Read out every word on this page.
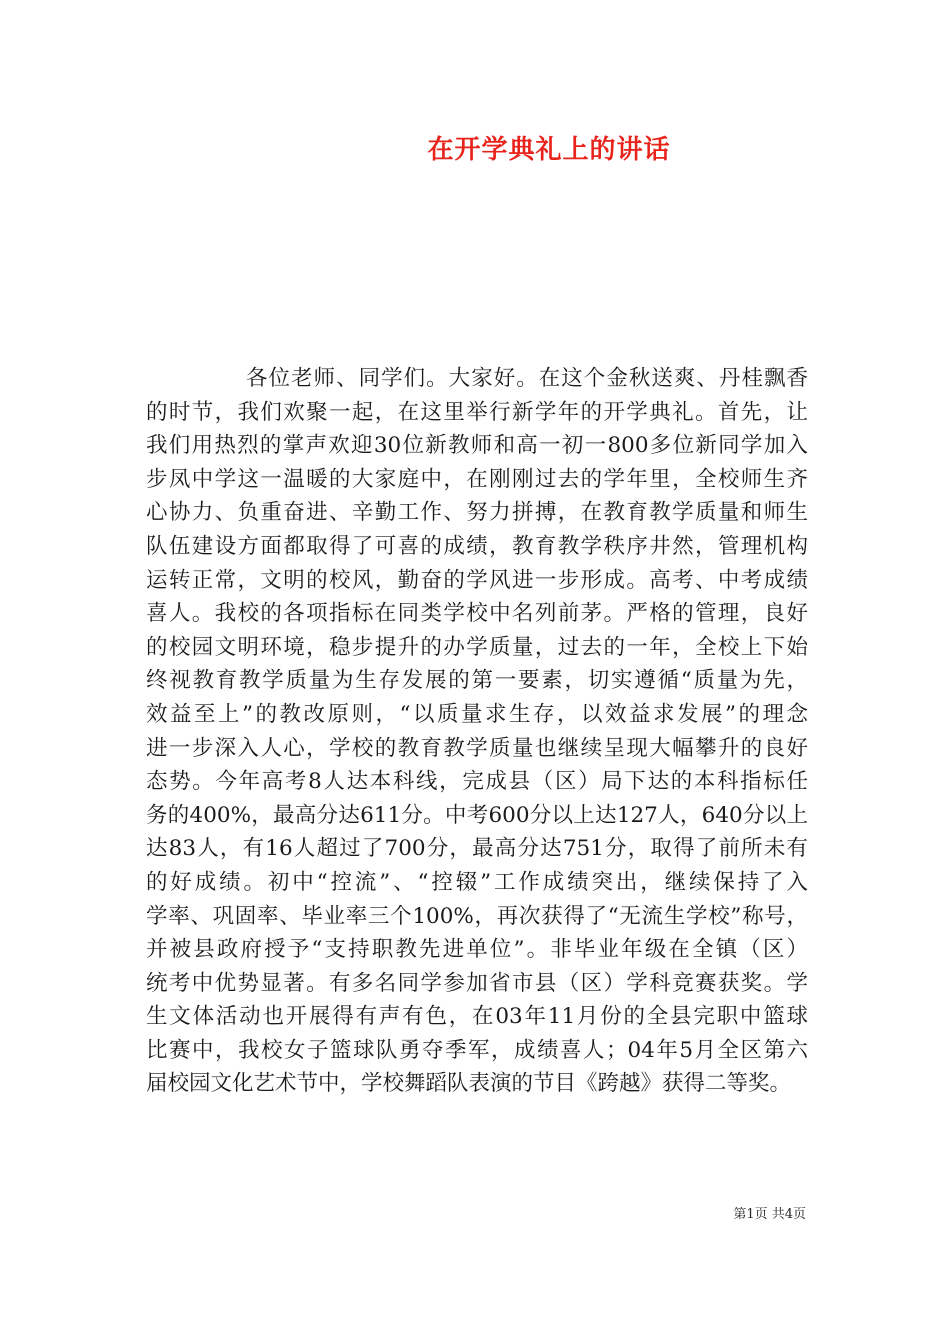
在开学典礼上的讲话
各位老师、同学们。大家好。在这个金秋送爽、丹桂飘香
的时节，我们欢聚一起，在这里举行新学年的开学典礼。首先，让
我们用热烈的掌声欢迎30位新教师和高一初一800多位新同学加入
步凤中学这一温暖的大家庭中，在刚刚过去的学年里，全校师生齐
心协力、负重奋进、辛勤工作、努力拼搏，在教育教学质量和师生
队伍建设方面都取得了可喜的成绩，教育教学秩序井然，管理机构
运转正常，文明的校风，勤奋的学风进一步形成。高考、中考成绩
喜人。我校的各项指标在同类学校中名列前茅。严格的管理，良好
的校园文明环境，稳步提升的办学质量，过去的一年，全校上下始
终视教育教学质量为生存发展的第一要素，切实遵循“质量为先，
效益至上”的教改原则，“以质量求生存，以效益求发展”的理念
进一步深入人心，学校的教育教学质量也继续呈现大幅攀升的良好
态势。今年高考8人达本科线，完成县（区）局下达的本科指标任
务的400%，最高分达611分。中考600分以上达127人，640分以上
达83人，有16人超过了700分，最高分达751分，取得了前所未有
的好成绩。初中“控流”、“控辍”工作成绩突出，继续保持了入
学率、巩固率、毕业率三个100%，再次获得了“无流生学校”称号，
并被县政府授予“支持职教先进单位”。非毕业年级在全镇（区）
统考中优势显著。有多名同学参加省市县（区）学科竞赛获奖。学
生文体活动也开展得有声有色，在03年11月份的全县完职中篮球
比赛中，我校女子篮球队勇夺季军，成绩喜人；04年5月全区第六
届校园文化艺术节中，学校舞蹈队表演的节目《跨越》获得二等奖。
第1页 共4页
